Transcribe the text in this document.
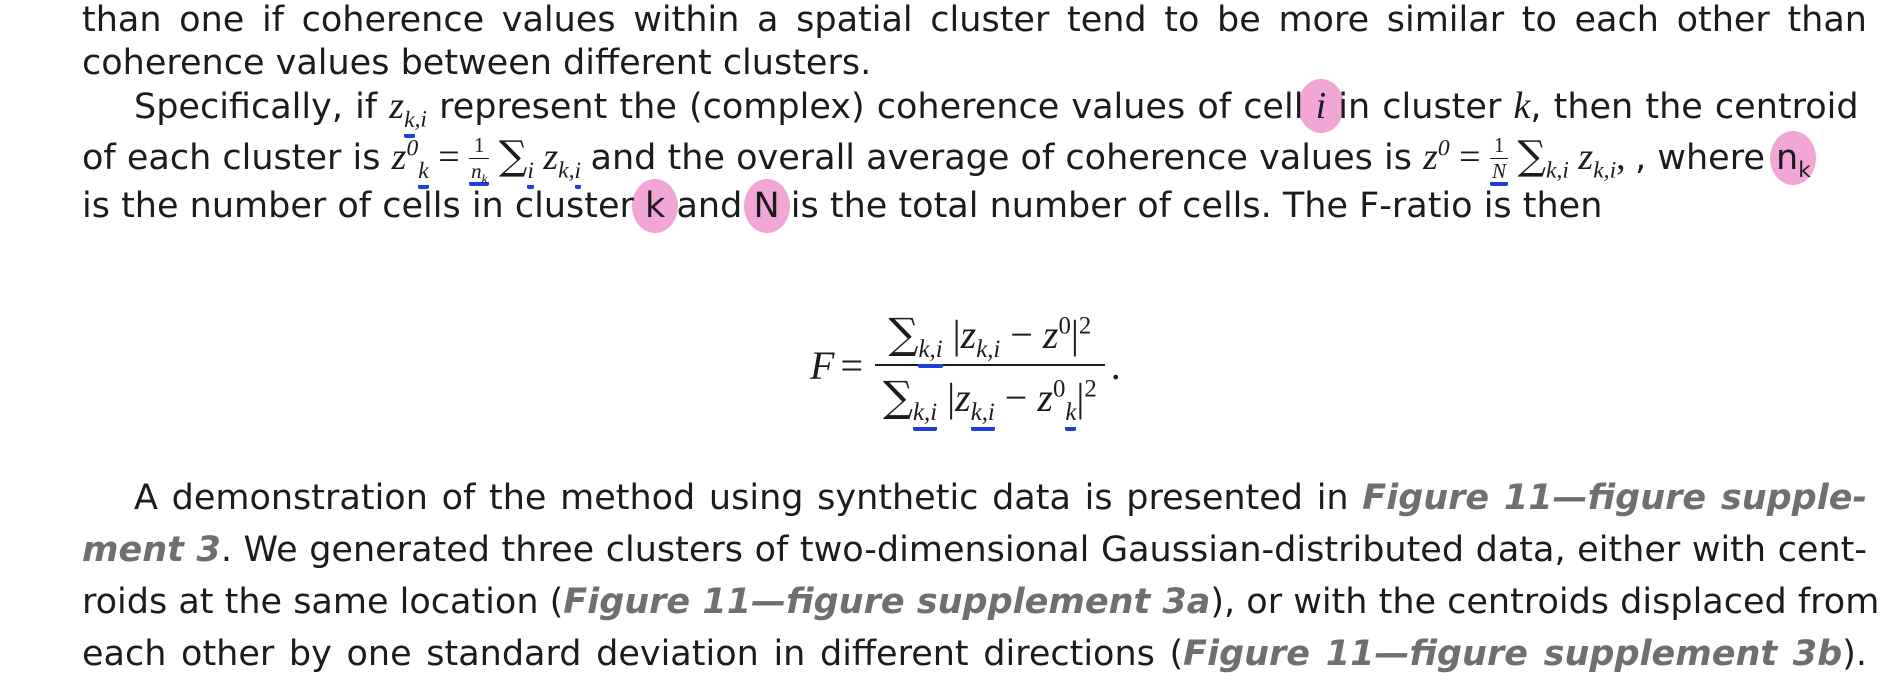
than one if coherence values within a spatial cluster tend to be more similar to each other than
coherence values between different clusters.
Specifically, if $z_{k,i}$ represent the (complex) coherence values of cell i in cluster k, then the centroid
of each cluster is $z^0_k = \frac{1}{n_k} \sum_i$ $z_{k,i}$ and the overall average of coherence values is $z^0 = \frac{1}{N} \sum_{k,i}$ $z_{k,i}$, , where $n_k$
is the number of cells in cluster k and N is the total number of cells. The F-ratio is then
$F = \frac{\sum_{k,i} |z_{k,i} - z^0|^2}{\sum_{k,i} |z_{k,i} - z^0_k|^2}$ .
A demonstration of the method using synthetic data is presented in Figure 11—figure supple-
ment 3. We generated three clusters of two-dimensional Gaussian-distributed data, either with cent-
roids at the same location (Figure 11—figure supplement 3a), or with the centroids displaced from
each other by one standard deviation in different directions (Figure 11—figure supplement 3b).
